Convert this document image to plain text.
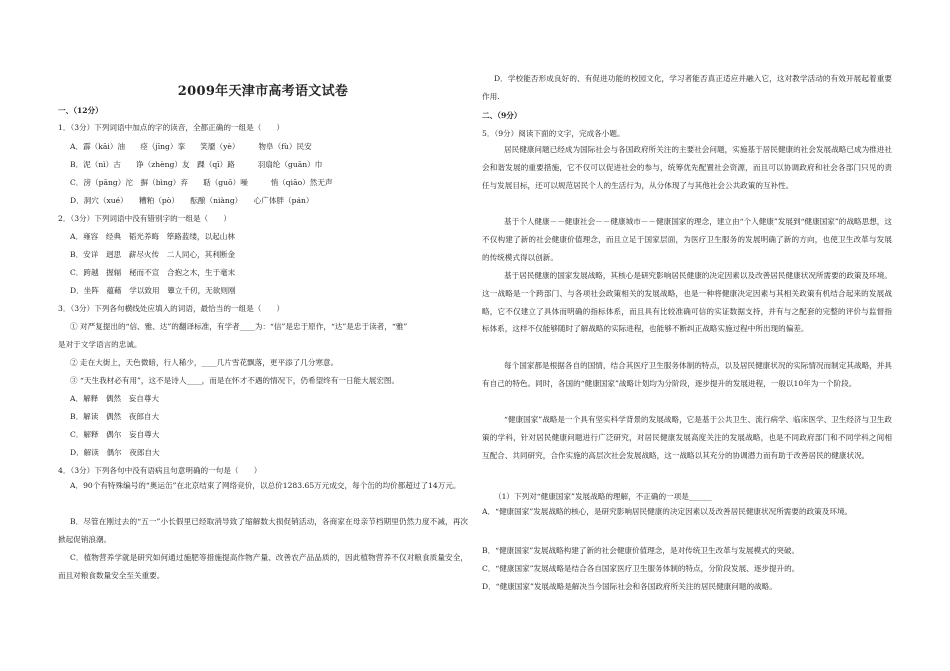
2009年天津市高考语文试卷
一、（12分）
1．（3分）下列词语中加点的字的读音，全都正确的一组是（　　）
A．霹（kāi）油　　痉（jīng）挛　　笑靥（yè）　　　物阜（fù）民安
B．泥（nì）古　　诤（zhèng）友　踝（qī）路　　　羽扇纶（guān）巾
C．滂（pāng）沱　摒（bìng）弃　　聒（guō）噪　　　悄（qiāo）然无声
D．洞穴（xué）　　糟粕（pò）　　酝酿（niàng）　　心广体胖（pán）
2．（3分）下列词语中没有错别字的一组是（　　）
A．雍容　经典　韬光养晦　筚路蓝缕，以起山林
B．安详　迥思　薪尽火传　二人同心，其利断金
C．跨越　握辐　秘而不宣　合抱之木，生于毫末
D．坐阵　蕴藉　学以致用　簟立千仞，无欲则刚
3．（3分）下列各句横线处应填入的词语，最恰当的一组是（　　）
① 对严复提出的“信、雅、达”的翻译标准，有学者____为：“信”是忠于原作，“达”是忠于读者，“雅”
是对于文学语言的忠诚。
② 走在大街上，天色微暗，行人稀少，____几片雪花飘落，更平添了几分寒意。
③ “天生我材必有用”，这不是诗人____，而是在怀才不遇的情况下，仍希望终有一日能大展宏图。
A．解释　偶然　妄自尊大
B．解读　偶然　夜郎自大
C．解释　偶尔　妄自尊大
D．解读　偶尔　夜郎自大
4．（3分）下列各句中没有语病且句意明确的一句是（　　）
A．90个有特殊编号的“奥运缶”在北京结束了网络竞价，以总价1283.65万元成交，每个缶的均价都超过了14万元。
B．尽管在刚过去的“五一”小长假里已经取消导致了缩解数大损促销活动，各商家在母亲节档期里仍然力度不减，再次掀起促销浪潮。
C．植物营养学就是研究如何通过施肥等措施提高作物产量、改善农产品品质的，因此植物营养不仅对粮食质量安全，而且对粮食数量安全至关重要。
D．学校能否形成良好的、有促进功能的校园文化，学习者能否真正适应并融入它，这对教学活动的有效开展起着重要作用.
二、（9分）
5．（9分）阅读下面的文字，完成各小题。
居民健康问题已经成为国际社会与各国政府所关注的主要社会问题，实施基于居民健康的社会发展战略已成为推进社会和谐发展的重要措施，它不仅可以促进社会的参与，统筹优先配置社会资源，而且可以协调政府和社会各部门只见的责任与发展目标，还可以规范居民个人的生活行为，从分体现了与其他社会公共政策的互补性。
基于个人健康－－健康社会－－健康城市－－健康国家的理念，建立由“个人健康”发展到“健康国家”的战略思想，这不仅构建了新的社会健康价值理念，而且立足于国家层面，为医疗卫生服务的发展明确了新的方向，也使卫生改革与发展的传统模式得以创新。
基于居民健康的国家发展战略，其核心是研究影响居民健康的决定因素以及改善居民健康状况所需要的政策及环境。这一战略是一个跨部门、与各项社会政策相关的发展战略，也是一种将健康决定因素与其相关政策有机结合起来的发展战略，它不仅建立了具体而明确的指标体系，而且具有比较准确可信的实证数据支持，并有与之配套的完整的评价与监督指标体系，这样不仅能够随时了解战略的实际进程，也能够不断纠正战略实施过程中所出现的偏差。
每个国家都是根据各自的国情，结合其医疗卫生服务体制的特点，以及居民健康状况的实际情况而制定其战略，并具有自己的特色。同时，各国的“健康国家”战略计划均为分阶段，逐步提升的发展进程，一般以10年为一个阶段。
“健康国家”战略是一个具有坚实科学背景的发展战略，它是基于公共卫生、流行病学、临床医学、卫生经济与卫生政策的学科，针对居民健康问题进行广泛研究，对居民健康发展高度关注的发展战略，也是不同政府部门和不同学科之间相互配合、共同研究，合作实施的高层次社会发展战略，这一战略以其充分的协调潜力而有助于改善居民的健康状况。
（1）下列对“健康国家”发展战略的理解，不正确的一项是______
A．“健康国家”发展战略的核心，是研究影响居民健康的决定因素以及改善居民健康状况所需要的政策及环境。
B．“健康国家”发展战略构建了新的社会健康价值理念，是对传统卫生改革与发展模式的突破。
C．“健康国家”发展战略是结合各自国家医疗卫生服务体制的特点，分阶段发展、逐步提升的。
D．“健康国家”发展战略是解决当今国际社会和各国政府所关注的居民健康问题的战略。
